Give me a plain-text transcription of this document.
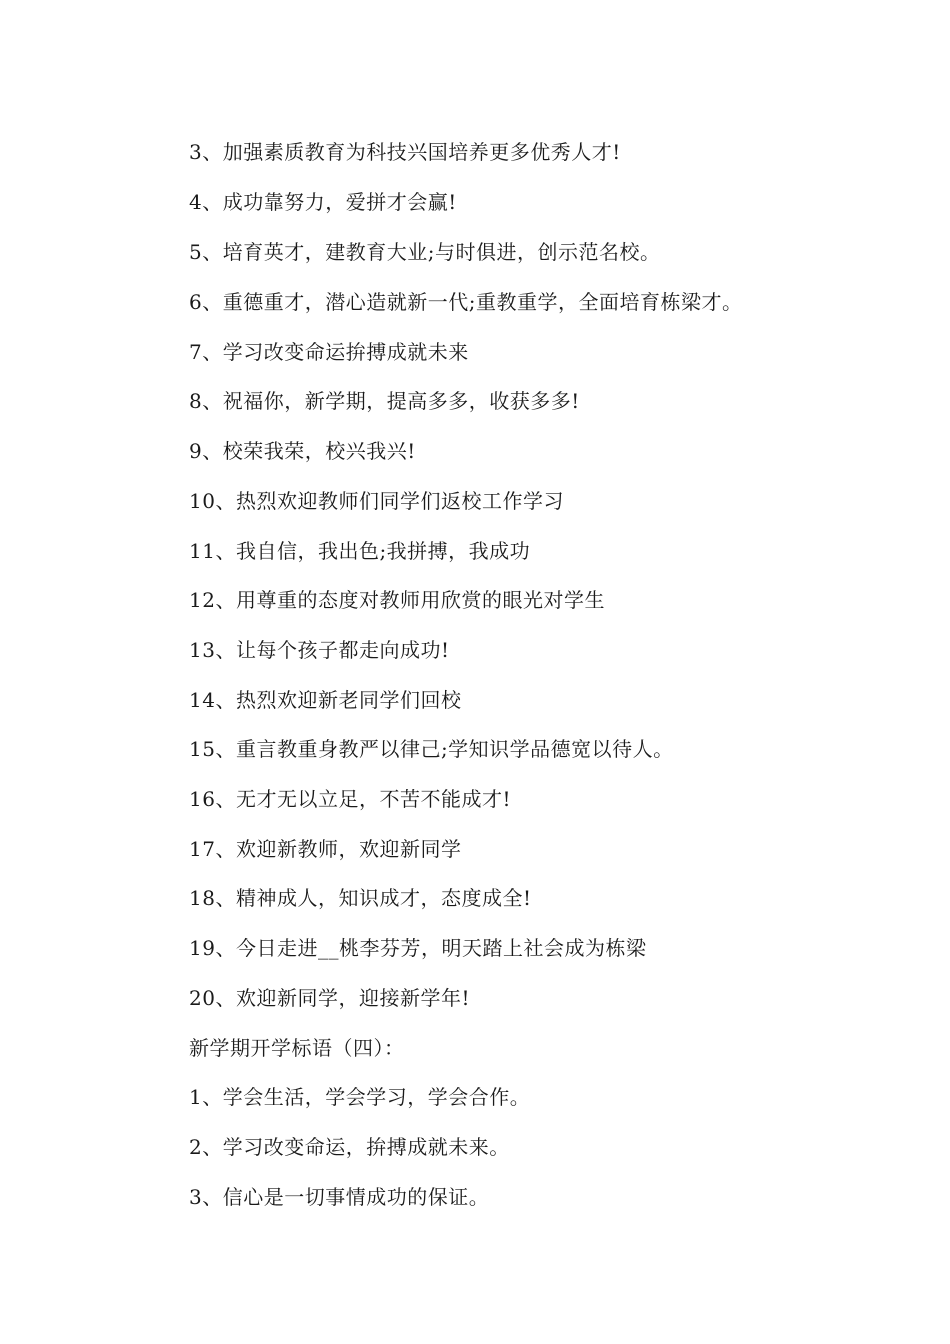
3、加强素质教育为科技兴国培养更多优秀人才!
4、成功靠努力，爱拼才会赢!
5、培育英才，建教育大业;与时俱进，创示范名校。
6、重德重才，潜心造就新一代;重教重学，全面培育栋梁才。
7、学习改变命运拚搏成就未来
8、祝福你，新学期，提高多多，收获多多!
9、校荣我荣，校兴我兴!
10、热烈欢迎教师们同学们返校工作学习
11、我自信，我出色;我拼搏，我成功
12、用尊重的态度对教师用欣赏的眼光对学生
13、让每个孩子都走向成功!
14、热烈欢迎新老同学们回校
15、重言教重身教严以律己;学知识学品德宽以待人。
16、无才无以立足，不苦不能成才!
17、欢迎新教师，欢迎新同学
18、精神成人，知识成才，态度成全!
19、今日走进__桃李芬芳，明天踏上社会成为栋梁
20、欢迎新同学，迎接新学年!
新学期开学标语（四）：
1、学会生活，学会学习，学会合作。
2、学习改变命运，拚搏成就未来。
3、信心是一切事情成功的保证。
